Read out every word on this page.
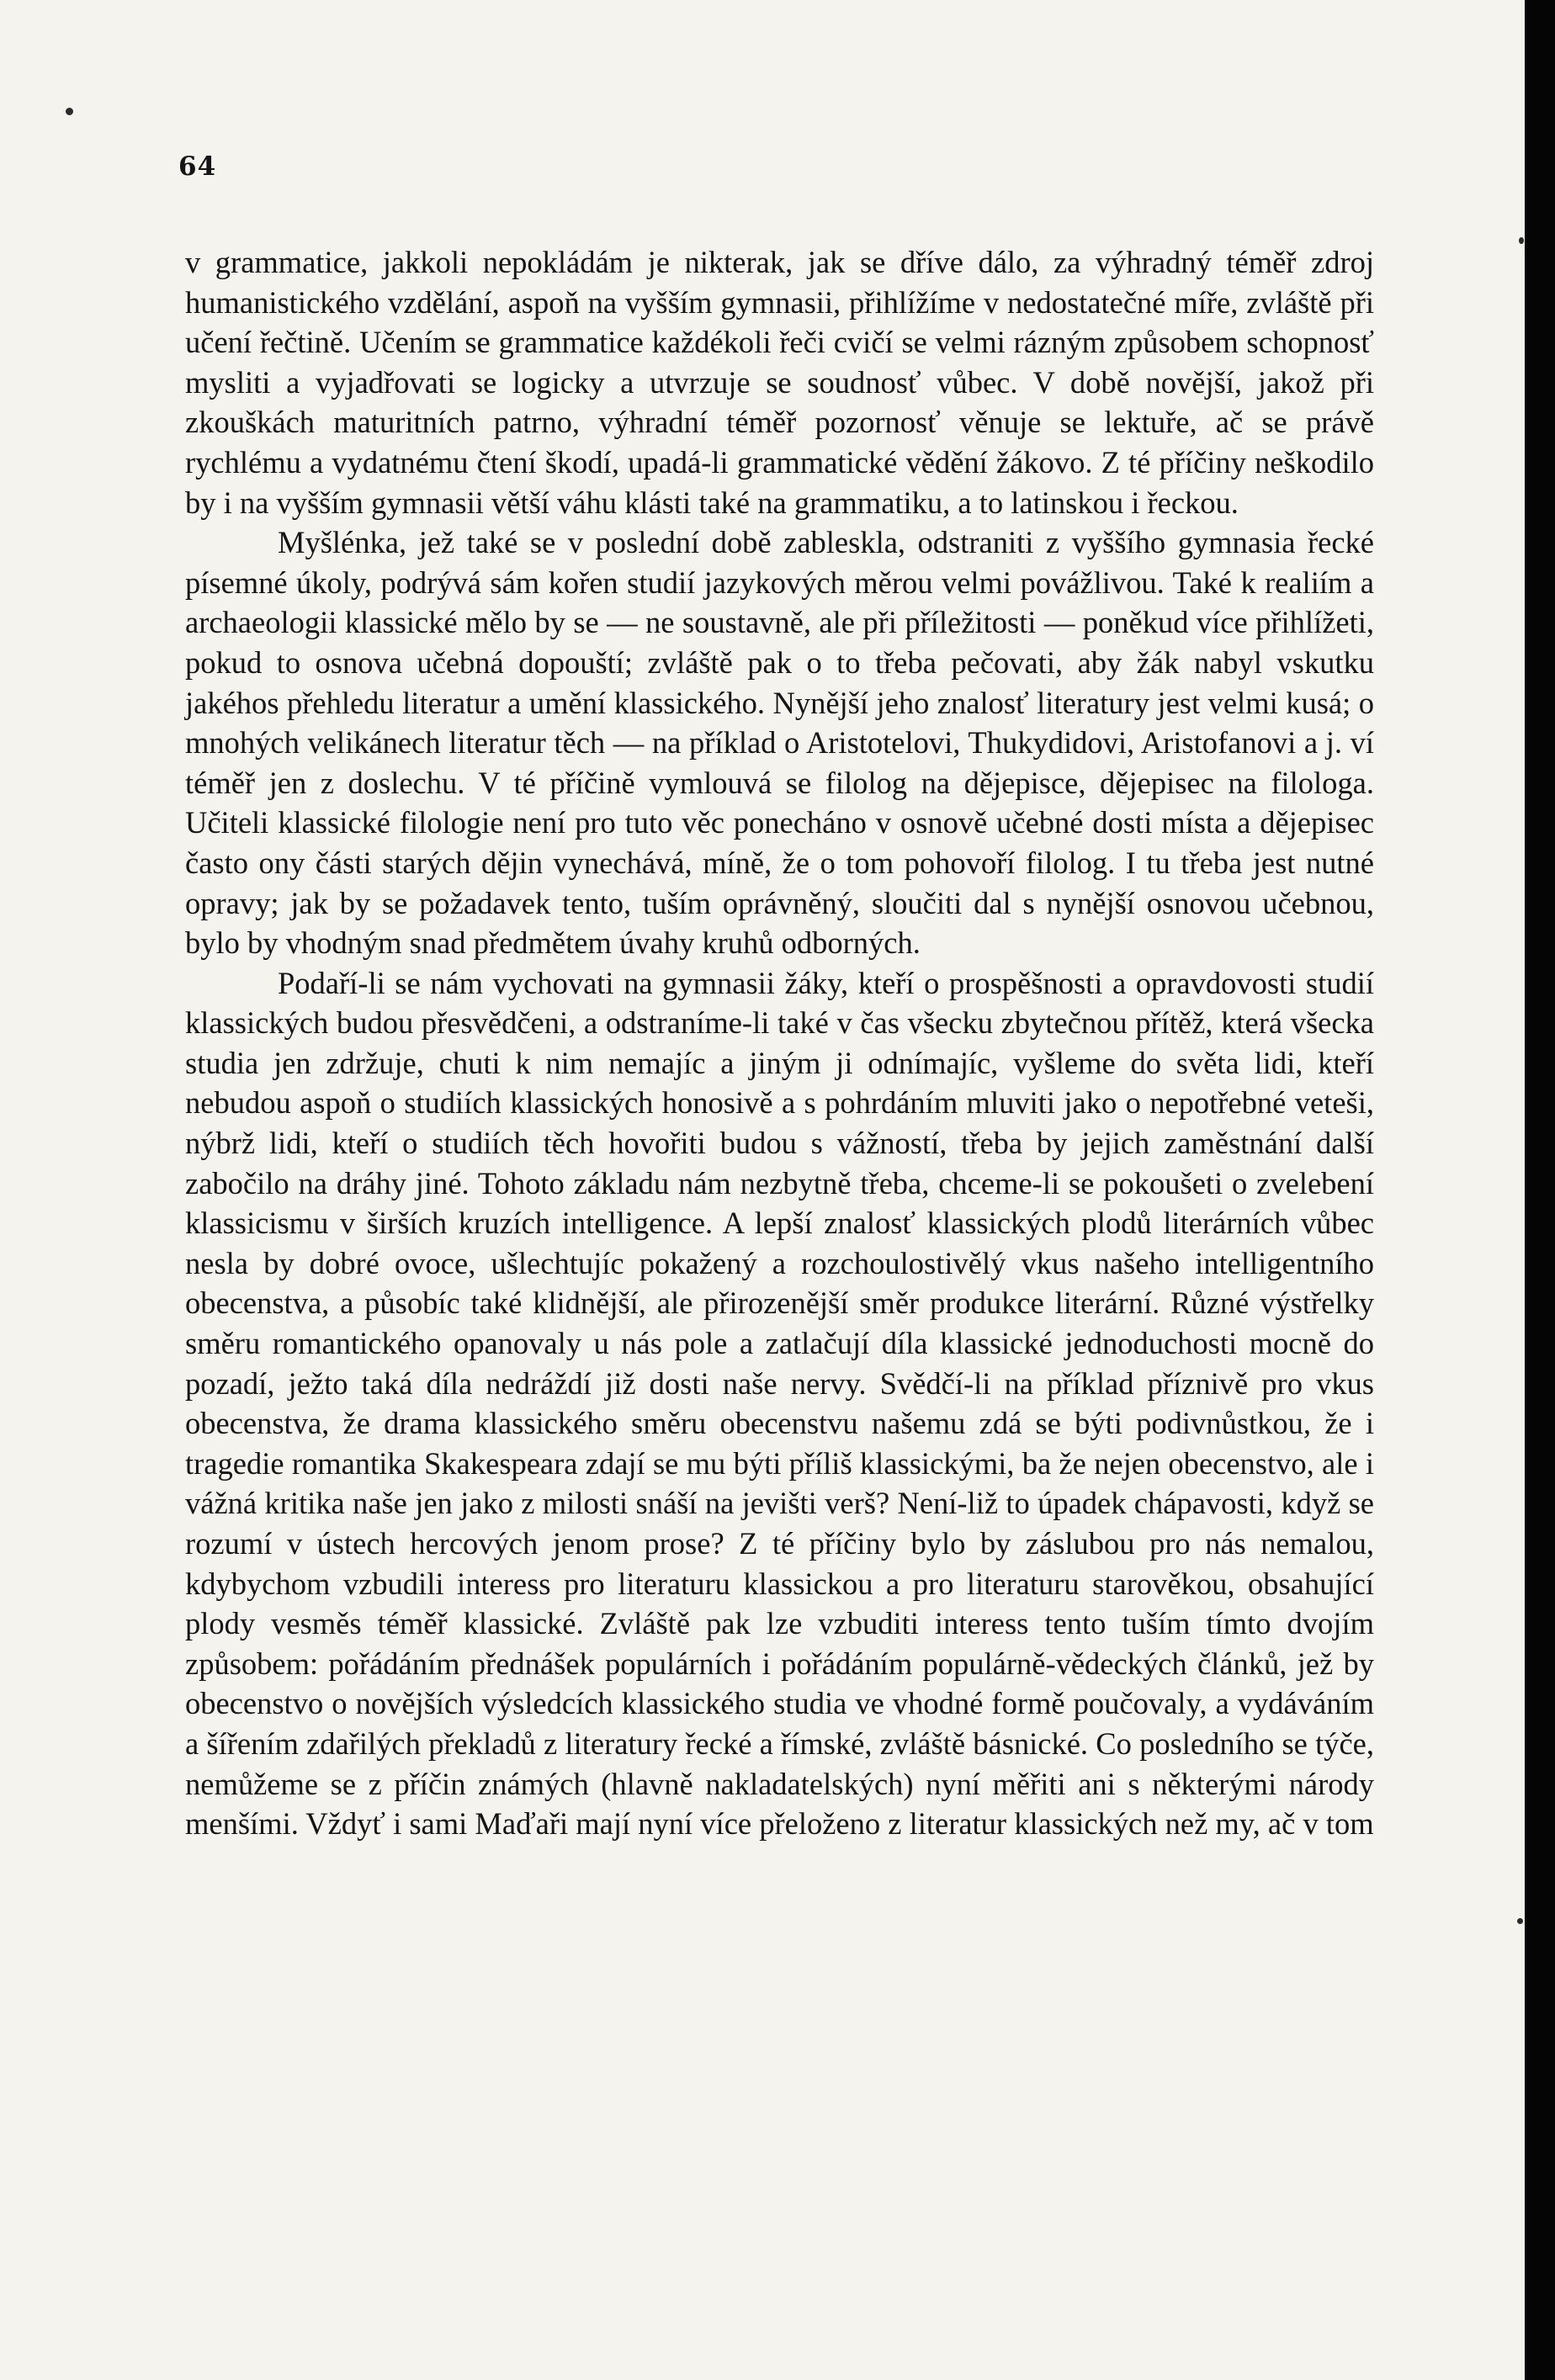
64

v grammatice, jakkoli nepokládám je nikterak, jak se dříve dálo, za výhradný téměř zdroj humanistického vzdělání, aspoň na vyšším gymnasii, přihlížíme v nedostatečné míře, zvláště při učení řečtině. Učením se grammatice každékoli řeči cvičí se velmi rázným způsobem schopnosť mysliti a vyjadřovati se logicky a utvrzuje se soudnosť vůbec. V době novější, jakož při zkouškách maturitních patrno, výhradní téměř pozornosť věnuje se lektuře, ač se právě rychlému a vydatnému čtení škodí, upadá-li grammatické vědění žákovo. Z té příčiny neškodilo by i na vyšším gymnasii větší váhu klásti také na grammatiku, a to latinskou i řeckou.

Myšlénka, jež také se v poslední době zableskla, odstraniti z vyššího gymnasia řecké písemné úkoly, podrývá sám kořen studií jazykových měrou velmi povážlivou. Také k realiím a archaeologii klassické mělo by se — ne soustavně, ale při příležitosti — poněkud více přihlížeti, pokud to osnova učebná dopouští; zvláště pak o to třeba pečovati, aby žák nabyl vskutku jakéhos přehledu literatur a umění klassického. Nynější jeho znalosť literatury jest velmi kusá; o mnohých velikánech literatur těch — na příklad o Aristotelovi, Thukydidovi, Aristofanovi a j. ví téměř jen z doslechu. V té příčině vymlouvá se filolog na dějepisce, dějepisec na filologa. Učiteli klassické filologie není pro tuto věc ponecháno v osnově učebné dosti místa a dějepisec často ony části starých dějin vynechává, míně, že o tom pohovoří filolog. I tu třeba jest nutné opravy; jak by se požadavek tento, tuším oprávněný, sloučiti dal s nynější osnovou učebnou, bylo by vhodným snad předmětem úvahy kruhů odborných.

Podaří-li se nám vychovati na gymnasii žáky, kteří o prospěšnosti a opravdovosti studií klassických budou přesvědčeni, a odstraníme-li také v čas všecku zbytečnou přítěž, která všecka studia jen zdržuje, chuti k nim nemajíc a jiným ji odnímajíc, vyšleme do světa lidi, kteří nebudou aspoň o studiích klassických honosivě a s pohrdáním mluviti jako o nepotřebné veteši, nýbrž lidi, kteří o studiích těch hovořiti budou s vážností, třeba by jejich zaměstnání další zabočilo na dráhy jiné. Tohoto základu nám nezbytně třeba, chceme-li se pokoušeti o zvelebení klassicismu v širších kruzích intelligence. A lepší znalosť klassických plodů literárních vůbec nesla by dobré ovoce, ušlechtujíc pokažený a rozchoulostivělý vkus našeho intelligentního obecenstva, a působíc také klidnější, ale přirozenější směr produkce literární. Různé výstřelky směru romantického opanovaly u nás pole a zatlačují díla klassické jednoduchosti mocně do pozadí, ježto taká díla nedráždí již dosti naše nervy. Svědčí-li na příklad příznivě pro vkus obecenstva, že drama klassického směru obecenstvu našemu zdá se býti podivnůstkou, že i tragedie romantika Skakespeara zdají se mu býti příliš klassickými, ba že nejen obecenstvo, ale i vážná kritika naše jen jako z milosti snáší na jevišti verš? Není-liž to úpadek chápavosti, když se rozumí v ústech hercových jenom prose? Z té příčiny bylo by záslubou pro nás nemalou, kdybychom vzbudili interess pro literaturu klassickou a pro literaturu starověkou, obsahující plody vesměs téměř klassické. Zvláště pak lze vzbuditi interess tento tuším tímto dvojím způsobem: pořádáním přednášek populárních i pořádáním populárně-vědeckých článků, jež by obecenstvo o novějších výsledcích klassického studia ve vhodné formě poučovaly, a vydáváním a šířením zdařilých překladů z literatury řecké a římské, zvláště básnické. Co posledního se týče, nemůžeme se z příčin známých (hlavně nakladatelských) nyní měřiti ani s některými národy menšími. Vždyť i sami Maďaři mají nyní více přeloženo z literatur klassických než my, ač v tom
